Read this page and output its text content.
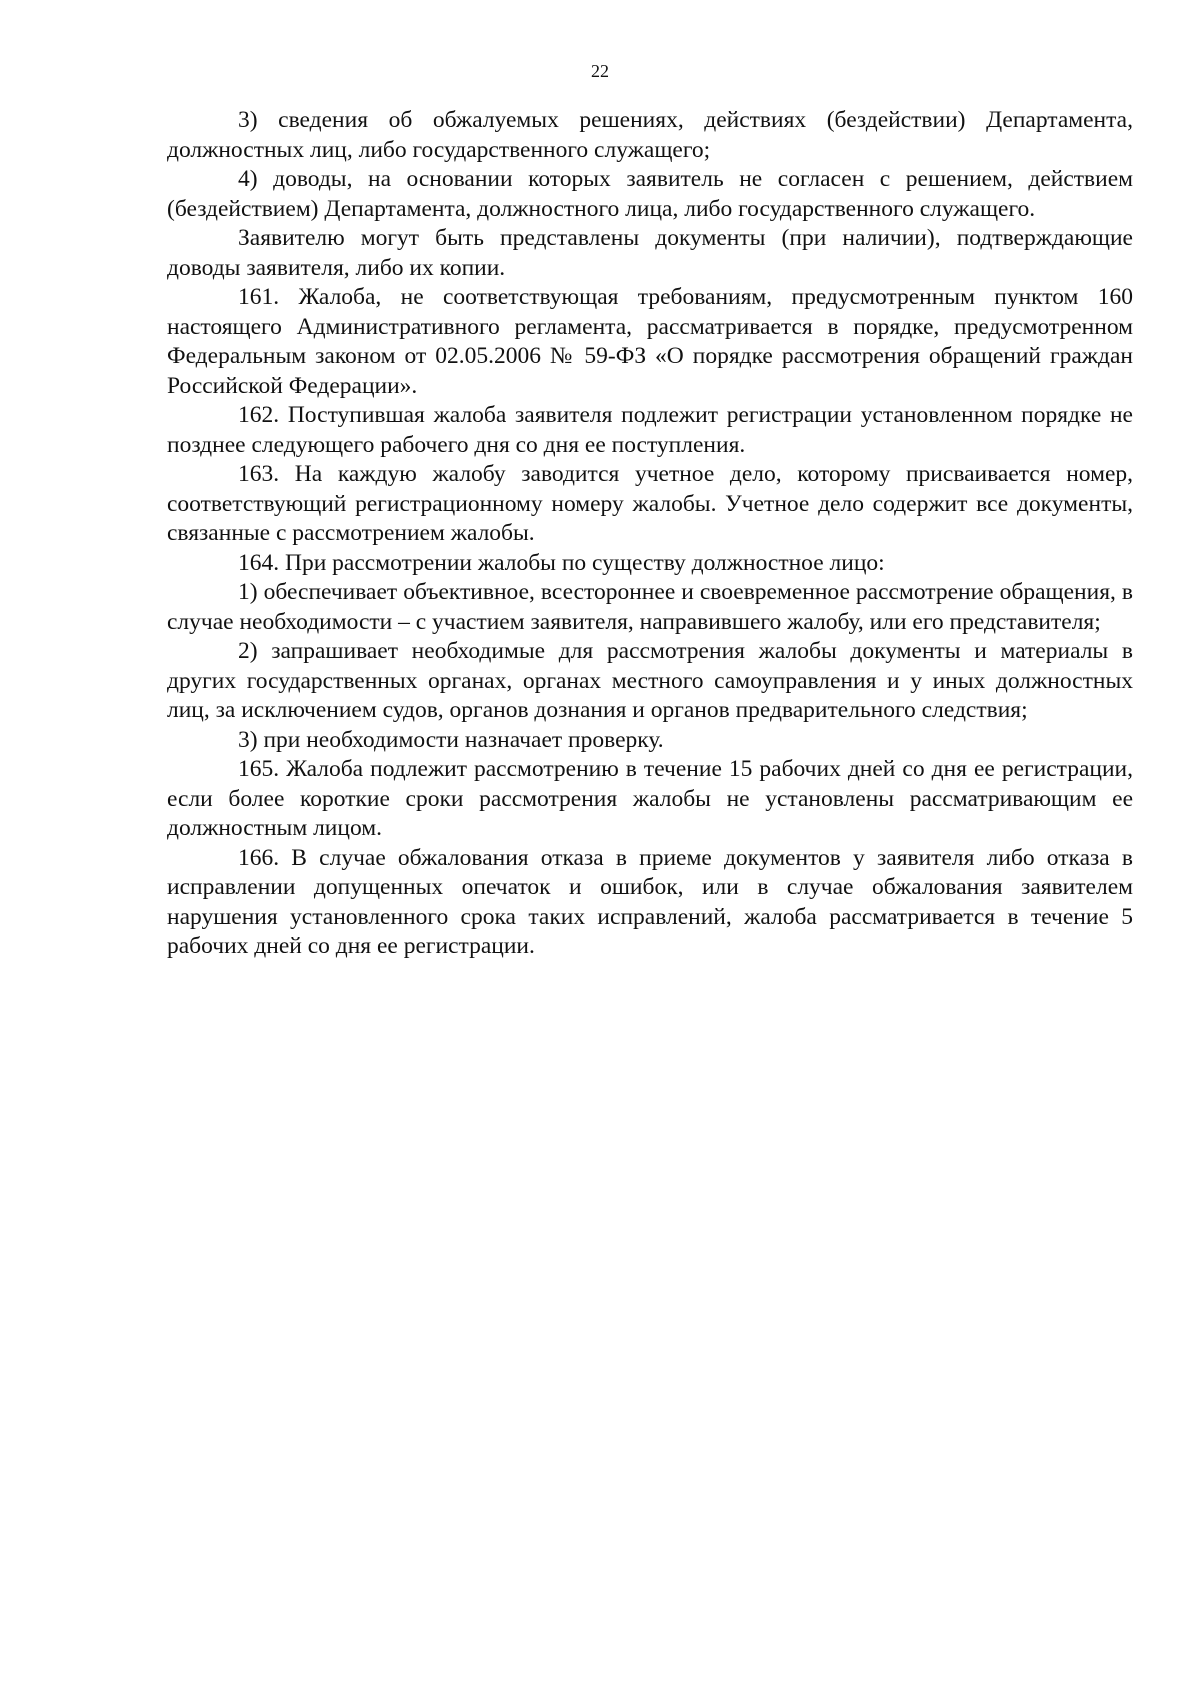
22

3) сведения об обжалуемых решениях, действиях (бездействии) Департамента, должностных лиц, либо государственного служащего;

4) доводы, на основании которых заявитель не согласен с решением, действием (бездействием) Департамента, должностного лица, либо государственного служащего.

Заявителю могут быть представлены документы (при наличии), подтверждающие доводы заявителя, либо их копии.

161. Жалоба, не соответствующая требованиям, предусмотренным пунктом 160 настоящего Административного регламента, рассматривается в порядке, предусмотренном Федеральным законом от 02.05.2006 № 59-ФЗ «О порядке рассмотрения обращений граждан Российской Федерации».

162. Поступившая жалоба заявителя подлежит регистрации установленном порядке не позднее следующего рабочего дня со дня ее поступления.

163. На каждую жалобу заводится учетное дело, которому присваивается номер, соответствующий регистрационному номеру жалобы. Учетное дело содержит все документы, связанные с рассмотрением жалобы.

164. При рассмотрении жалобы по существу должностное лицо:

1) обеспечивает объективное, всестороннее и своевременное рассмотрение обращения, в случае необходимости – с участием заявителя, направившего жалобу, или его представителя;

2) запрашивает необходимые для рассмотрения жалобы документы и материалы в других государственных органах, органах местного самоуправления и у иных должностных лиц, за исключением судов, органов дознания и органов предварительного следствия;

3) при необходимости назначает проверку.

165. Жалоба подлежит рассмотрению в течение 15 рабочих дней со дня ее регистрации, если более короткие сроки рассмотрения жалобы не установлены рассматривающим ее должностным лицом.

166. В случае обжалования отказа в приеме документов у заявителя либо отказа в исправлении допущенных опечаток и ошибок, или в случае обжалования заявителем нарушения установленного срока таких исправлений, жалоба рассматривается в течение 5 рабочих дней со дня ее регистрации.
